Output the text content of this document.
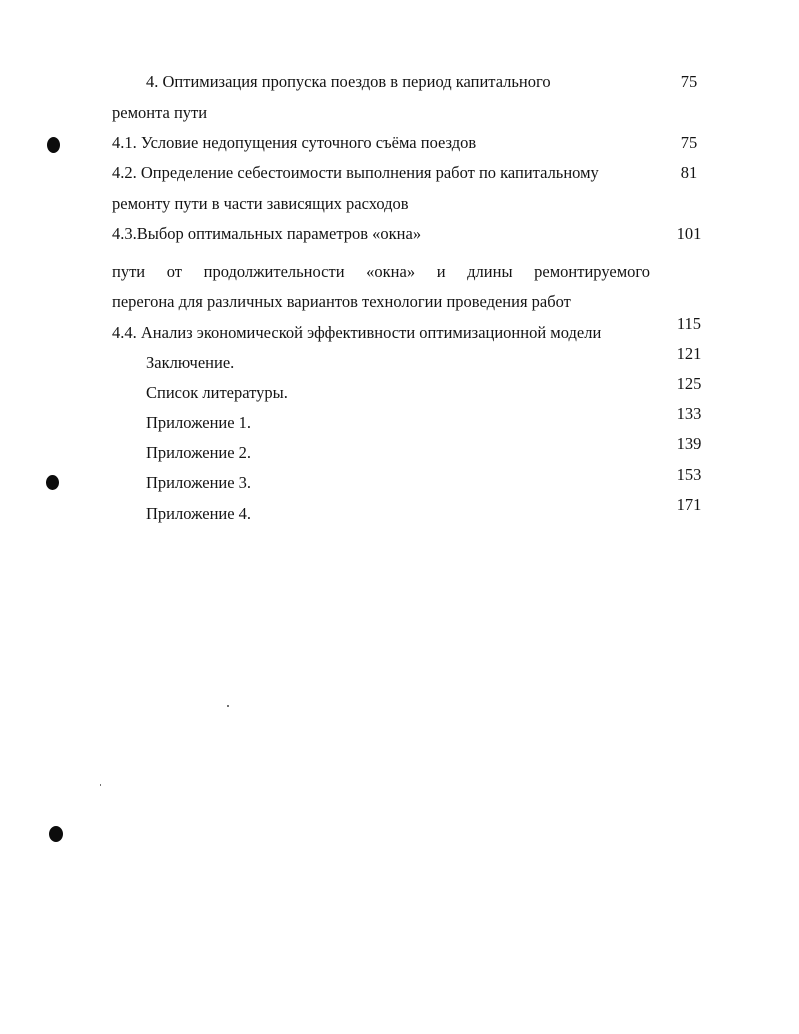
4. Оптимизация пропуска поездов в период капитального	75
ремонта пути
4.1. Условие недопущения суточного съёма поездов	75
4.2. Определение себестоимости выполнения работ по капитальному	81
ремонту пути в части зависящих расходов
4.3.Выбор оптимальных параметров «окна»	101
пути от продолжительности «окна» и длины ремонтируемого
перегона для различных вариантов технологии проведения работ
4.4. Анализ экономической эффективности оптимизационной модели	115
Заключение.	121
Список литературы.	125
Приложение 1.	133
Приложение 2.	139
Приложение 3.	153
Приложение 4.	171
